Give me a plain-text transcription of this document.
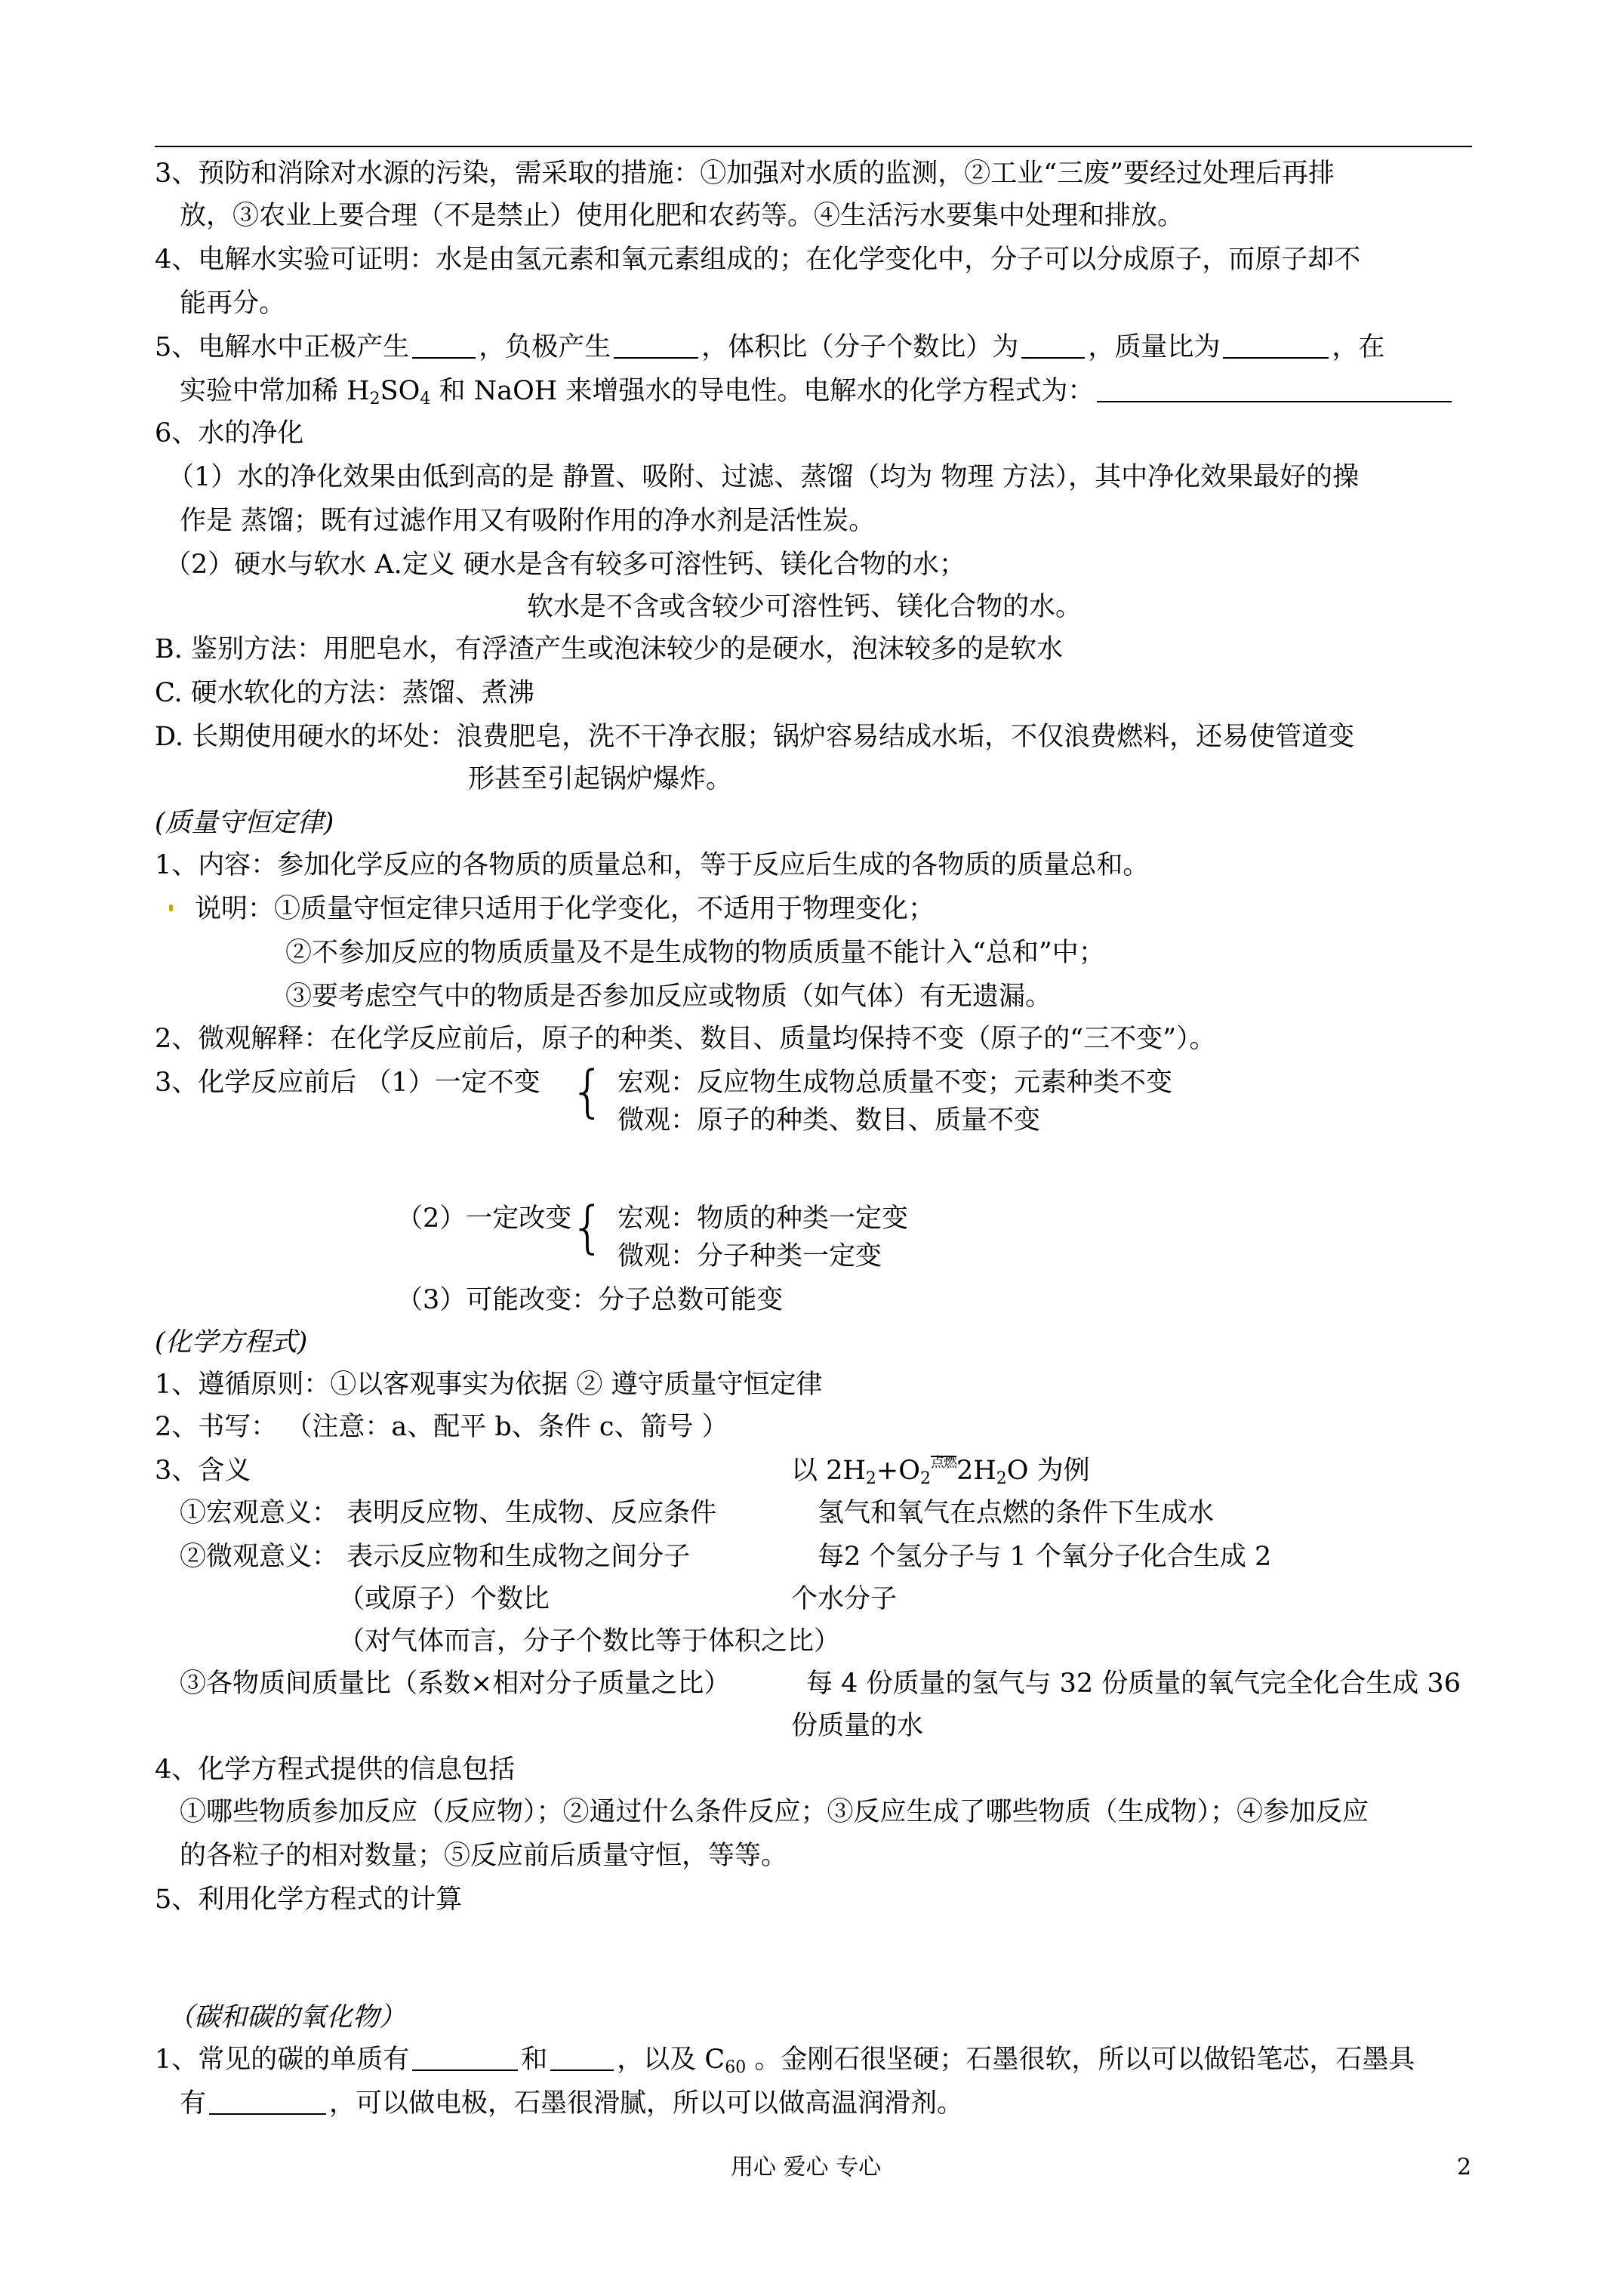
3、预防和消除对水源的污染，需采取的措施：①加强对水质的监测，②工业“三废”要经过处理后再排
放，③农业上要合理（不是禁止）使用化肥和农药等。④生活污水要集中处理和排放。
4、电解水实验可证明：水是由氢元素和氧元素组成的；在化学变化中，分子可以分成原子，而原子却不
能再分。
5、电解水中正极产生	，负极产生	，体积比（分子个数比）为	，质量比为	，在
实验中常加稀 $H_2SO_4$ 和 NaOH 来增强水的导电性。电解水的化学方程式为：
6、水的净化
（1）水的净化效果由低到高的是 静置、吸附、过滤、蒸馏（均为 物理 方法），其中净化效果最好的操
作是 蒸馏；既有过滤作用又有吸附作用的净水剂是活性炭。
（2）硬水与软水 A.定义 硬水是含有较多可溶性钙、镁化合物的水；
软水是不含或含较少可溶性钙、镁化合物的水。
B. 鉴别方法：用肥皂水，有浮渣产生或泡沫较少的是硬水，泡沫较多的是软水
C. 硬水软化的方法：蒸馏、煮沸
D. 长期使用硬水的坏处：浪费肥皂，洗不干净衣服；锅炉容易结成水垢，不仅浪费燃料，还易使管道变
形甚至引起锅炉爆炸。
(质量守恒定律)
1、内容：参加化学反应的各物质的质量总和，等于反应后生成的各物质的质量总和。
说明：①质量守恒定律只适用于化学变化，不适用于物理变化；
②不参加反应的物质质量及不是生成物的物质质量不能计入“总和”中；
③要考虑空气中的物质是否参加反应或物质（如气体）有无遗漏。
2、微观解释：在化学反应前后，原子的种类、数目、质量均保持不变（原子的“三不变”）。
3、化学反应前后 （1）一定不变 { 宏观：反应物生成物总质量不变；元素种类不变
微观：原子的种类、数目、质量不变
（2）一定改变
{ 宏观：物质的种类一定变
微观：分子种类一定变
（3）可能改变：分子总数可能变
(化学方程式)
1、遵循原则：①以客观事实为依据 ② 遵守质量守恒定律
2、书写： （注意：a、配平 b、条件 c、箭号 ）
3、含义	以 $2H_2+O_2^{点燃}2H_2O$ 为例
①宏观意义： 表明反应物、生成物、反应条件	氢气和氧气在点燃的条件下生成水
②微观意义： 表示反应物和生成物之间分子	每2 个氢分子与 1 个氧分子化合生成 2
（或原子）个数比	个水分子
（对气体而言，分子个数比等于体积之比）
③各物质间质量比（系数×相对分子质量之比）	每 4 份质量的氢气与 32 份质量的氧气完全化合生成 36
份质量的水
4、化学方程式提供的信息包括
①哪些物质参加反应（反应物）；②通过什么条件反应；③反应生成了哪些物质（生成物）；④参加反应
的各粒子的相对数量；⑤反应前后质量守恒，等等。
5、利用化学方程式的计算
（碳和碳的氧化物）
1、常见的碳的单质有	和	，以及 $C_{60}$ 。金刚石很坚硬；石墨很软，所以可以做铅笔芯，石墨具
有	，可以做电极，石墨很滑腻，所以可以做高温润滑剂。
用心 爱心 专心	2
